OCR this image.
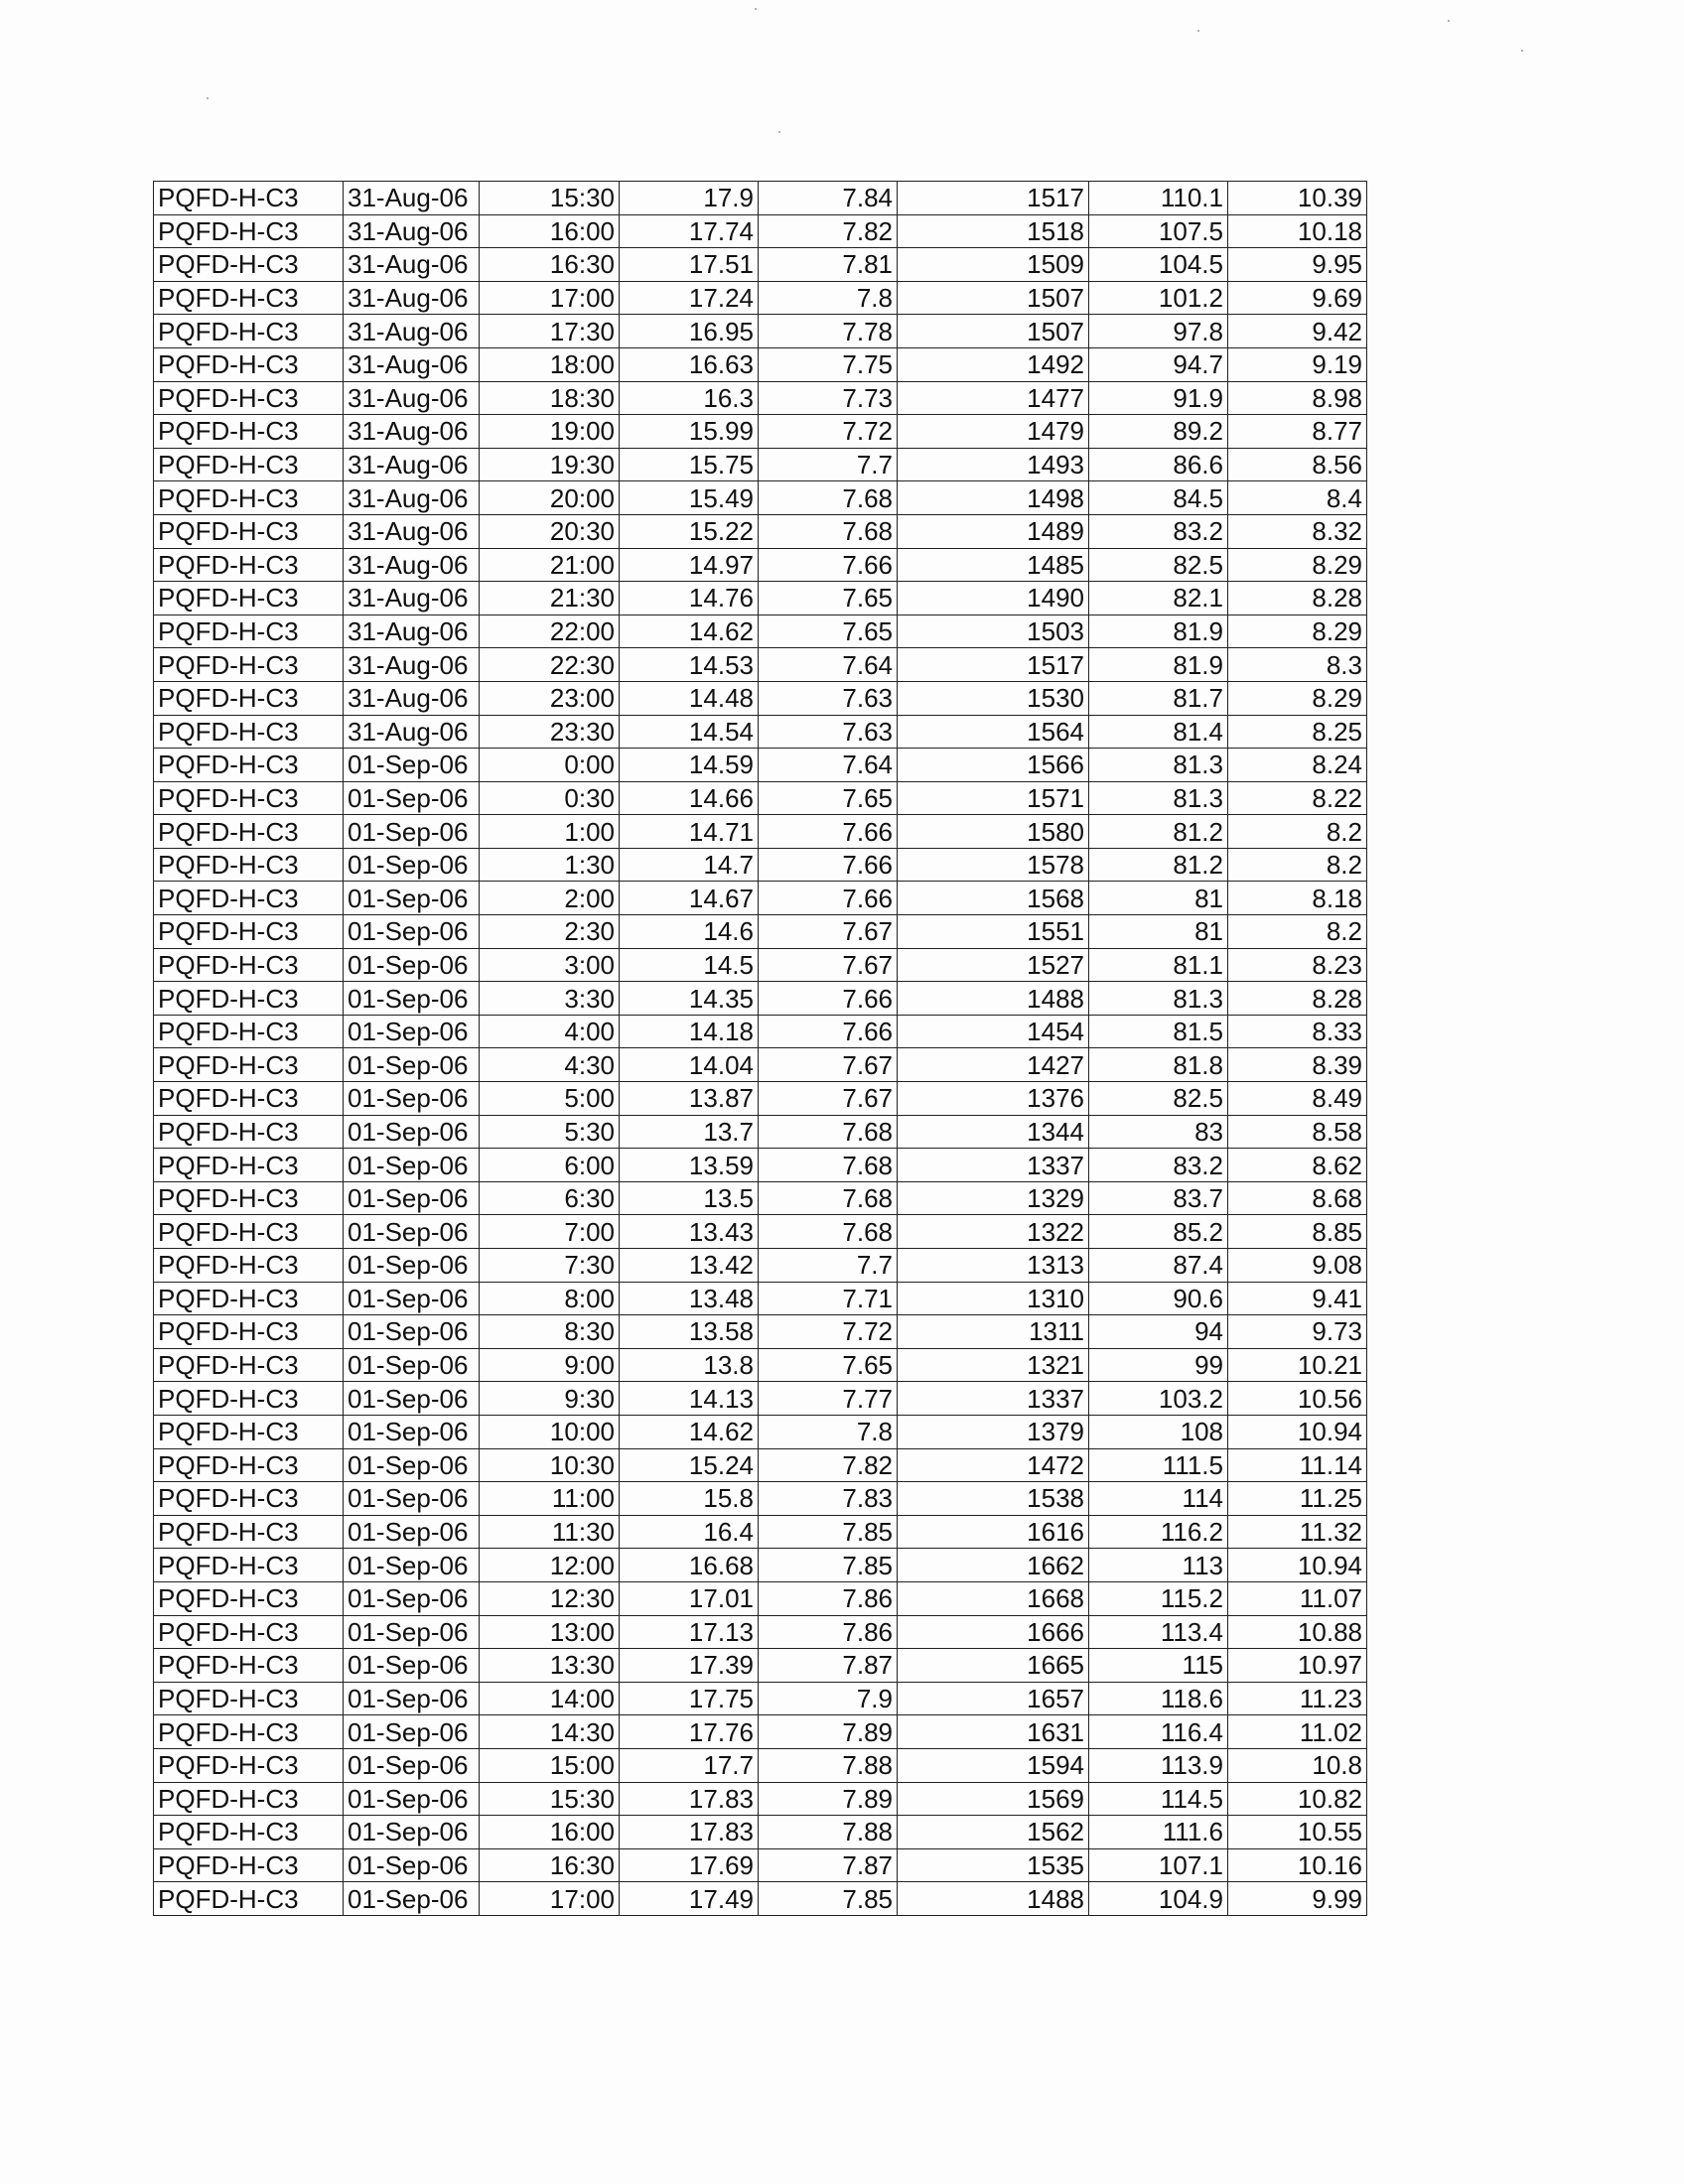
PQFD-H-C3	31-Aug-06	15:30	17.9	7.84	1517	110.1	10.39
PQFD-H-C3	31-Aug-06	16:00	17.74	7.82	1518	107.5	10.18
PQFD-H-C3	31-Aug-06	16:30	17.51	7.81	1509	104.5	9.95
PQFD-H-C3	31-Aug-06	17:00	17.24	7.8	1507	101.2	9.69
PQFD-H-C3	31-Aug-06	17:30	16.95	7.78	1507	97.8	9.42
PQFD-H-C3	31-Aug-06	18:00	16.63	7.75	1492	94.7	9.19
PQFD-H-C3	31-Aug-06	18:30	16.3	7.73	1477	91.9	8.98
PQFD-H-C3	31-Aug-06	19:00	15.99	7.72	1479	89.2	8.77
PQFD-H-C3	31-Aug-06	19:30	15.75	7.7	1493	86.6	8.56
PQFD-H-C3	31-Aug-06	20:00	15.49	7.68	1498	84.5	8.4
PQFD-H-C3	31-Aug-06	20:30	15.22	7.68	1489	83.2	8.32
PQFD-H-C3	31-Aug-06	21:00	14.97	7.66	1485	82.5	8.29
PQFD-H-C3	31-Aug-06	21:30	14.76	7.65	1490	82.1	8.28
PQFD-H-C3	31-Aug-06	22:00	14.62	7.65	1503	81.9	8.29
PQFD-H-C3	31-Aug-06	22:30	14.53	7.64	1517	81.9	8.3
PQFD-H-C3	31-Aug-06	23:00	14.48	7.63	1530	81.7	8.29
PQFD-H-C3	31-Aug-06	23:30	14.54	7.63	1564	81.4	8.25
PQFD-H-C3	01-Sep-06	0:00	14.59	7.64	1566	81.3	8.24
PQFD-H-C3	01-Sep-06	0:30	14.66	7.65	1571	81.3	8.22
PQFD-H-C3	01-Sep-06	1:00	14.71	7.66	1580	81.2	8.2
PQFD-H-C3	01-Sep-06	1:30	14.7	7.66	1578	81.2	8.2
PQFD-H-C3	01-Sep-06	2:00	14.67	7.66	1568	81	8.18
PQFD-H-C3	01-Sep-06	2:30	14.6	7.67	1551	81	8.2
PQFD-H-C3	01-Sep-06	3:00	14.5	7.67	1527	81.1	8.23
PQFD-H-C3	01-Sep-06	3:30	14.35	7.66	1488	81.3	8.28
PQFD-H-C3	01-Sep-06	4:00	14.18	7.66	1454	81.5	8.33
PQFD-H-C3	01-Sep-06	4:30	14.04	7.67	1427	81.8	8.39
PQFD-H-C3	01-Sep-06	5:00	13.87	7.67	1376	82.5	8.49
PQFD-H-C3	01-Sep-06	5:30	13.7	7.68	1344	83	8.58
PQFD-H-C3	01-Sep-06	6:00	13.59	7.68	1337	83.2	8.62
PQFD-H-C3	01-Sep-06	6:30	13.5	7.68	1329	83.7	8.68
PQFD-H-C3	01-Sep-06	7:00	13.43	7.68	1322	85.2	8.85
PQFD-H-C3	01-Sep-06	7:30	13.42	7.7	1313	87.4	9.08
PQFD-H-C3	01-Sep-06	8:00	13.48	7.71	1310	90.6	9.41
PQFD-H-C3	01-Sep-06	8:30	13.58	7.72	1311	94	9.73
PQFD-H-C3	01-Sep-06	9:00	13.8	7.65	1321	99	10.21
PQFD-H-C3	01-Sep-06	9:30	14.13	7.77	1337	103.2	10.56
PQFD-H-C3	01-Sep-06	10:00	14.62	7.8	1379	108	10.94
PQFD-H-C3	01-Sep-06	10:30	15.24	7.82	1472	111.5	11.14
PQFD-H-C3	01-Sep-06	11:00	15.8	7.83	1538	114	11.25
PQFD-H-C3	01-Sep-06	11:30	16.4	7.85	1616	116.2	11.32
PQFD-H-C3	01-Sep-06	12:00	16.68	7.85	1662	113	10.94
PQFD-H-C3	01-Sep-06	12:30	17.01	7.86	1668	115.2	11.07
PQFD-H-C3	01-Sep-06	13:00	17.13	7.86	1666	113.4	10.88
PQFD-H-C3	01-Sep-06	13:30	17.39	7.87	1665	115	10.97
PQFD-H-C3	01-Sep-06	14:00	17.75	7.9	1657	118.6	11.23
PQFD-H-C3	01-Sep-06	14:30	17.76	7.89	1631	116.4	11.02
PQFD-H-C3	01-Sep-06	15:00	17.7	7.88	1594	113.9	10.8
PQFD-H-C3	01-Sep-06	15:30	17.83	7.89	1569	114.5	10.82
PQFD-H-C3	01-Sep-06	16:00	17.83	7.88	1562	111.6	10.55
PQFD-H-C3	01-Sep-06	16:30	17.69	7.87	1535	107.1	10.16
PQFD-H-C3	01-Sep-06	17:00	17.49	7.85	1488	104.9	9.99
